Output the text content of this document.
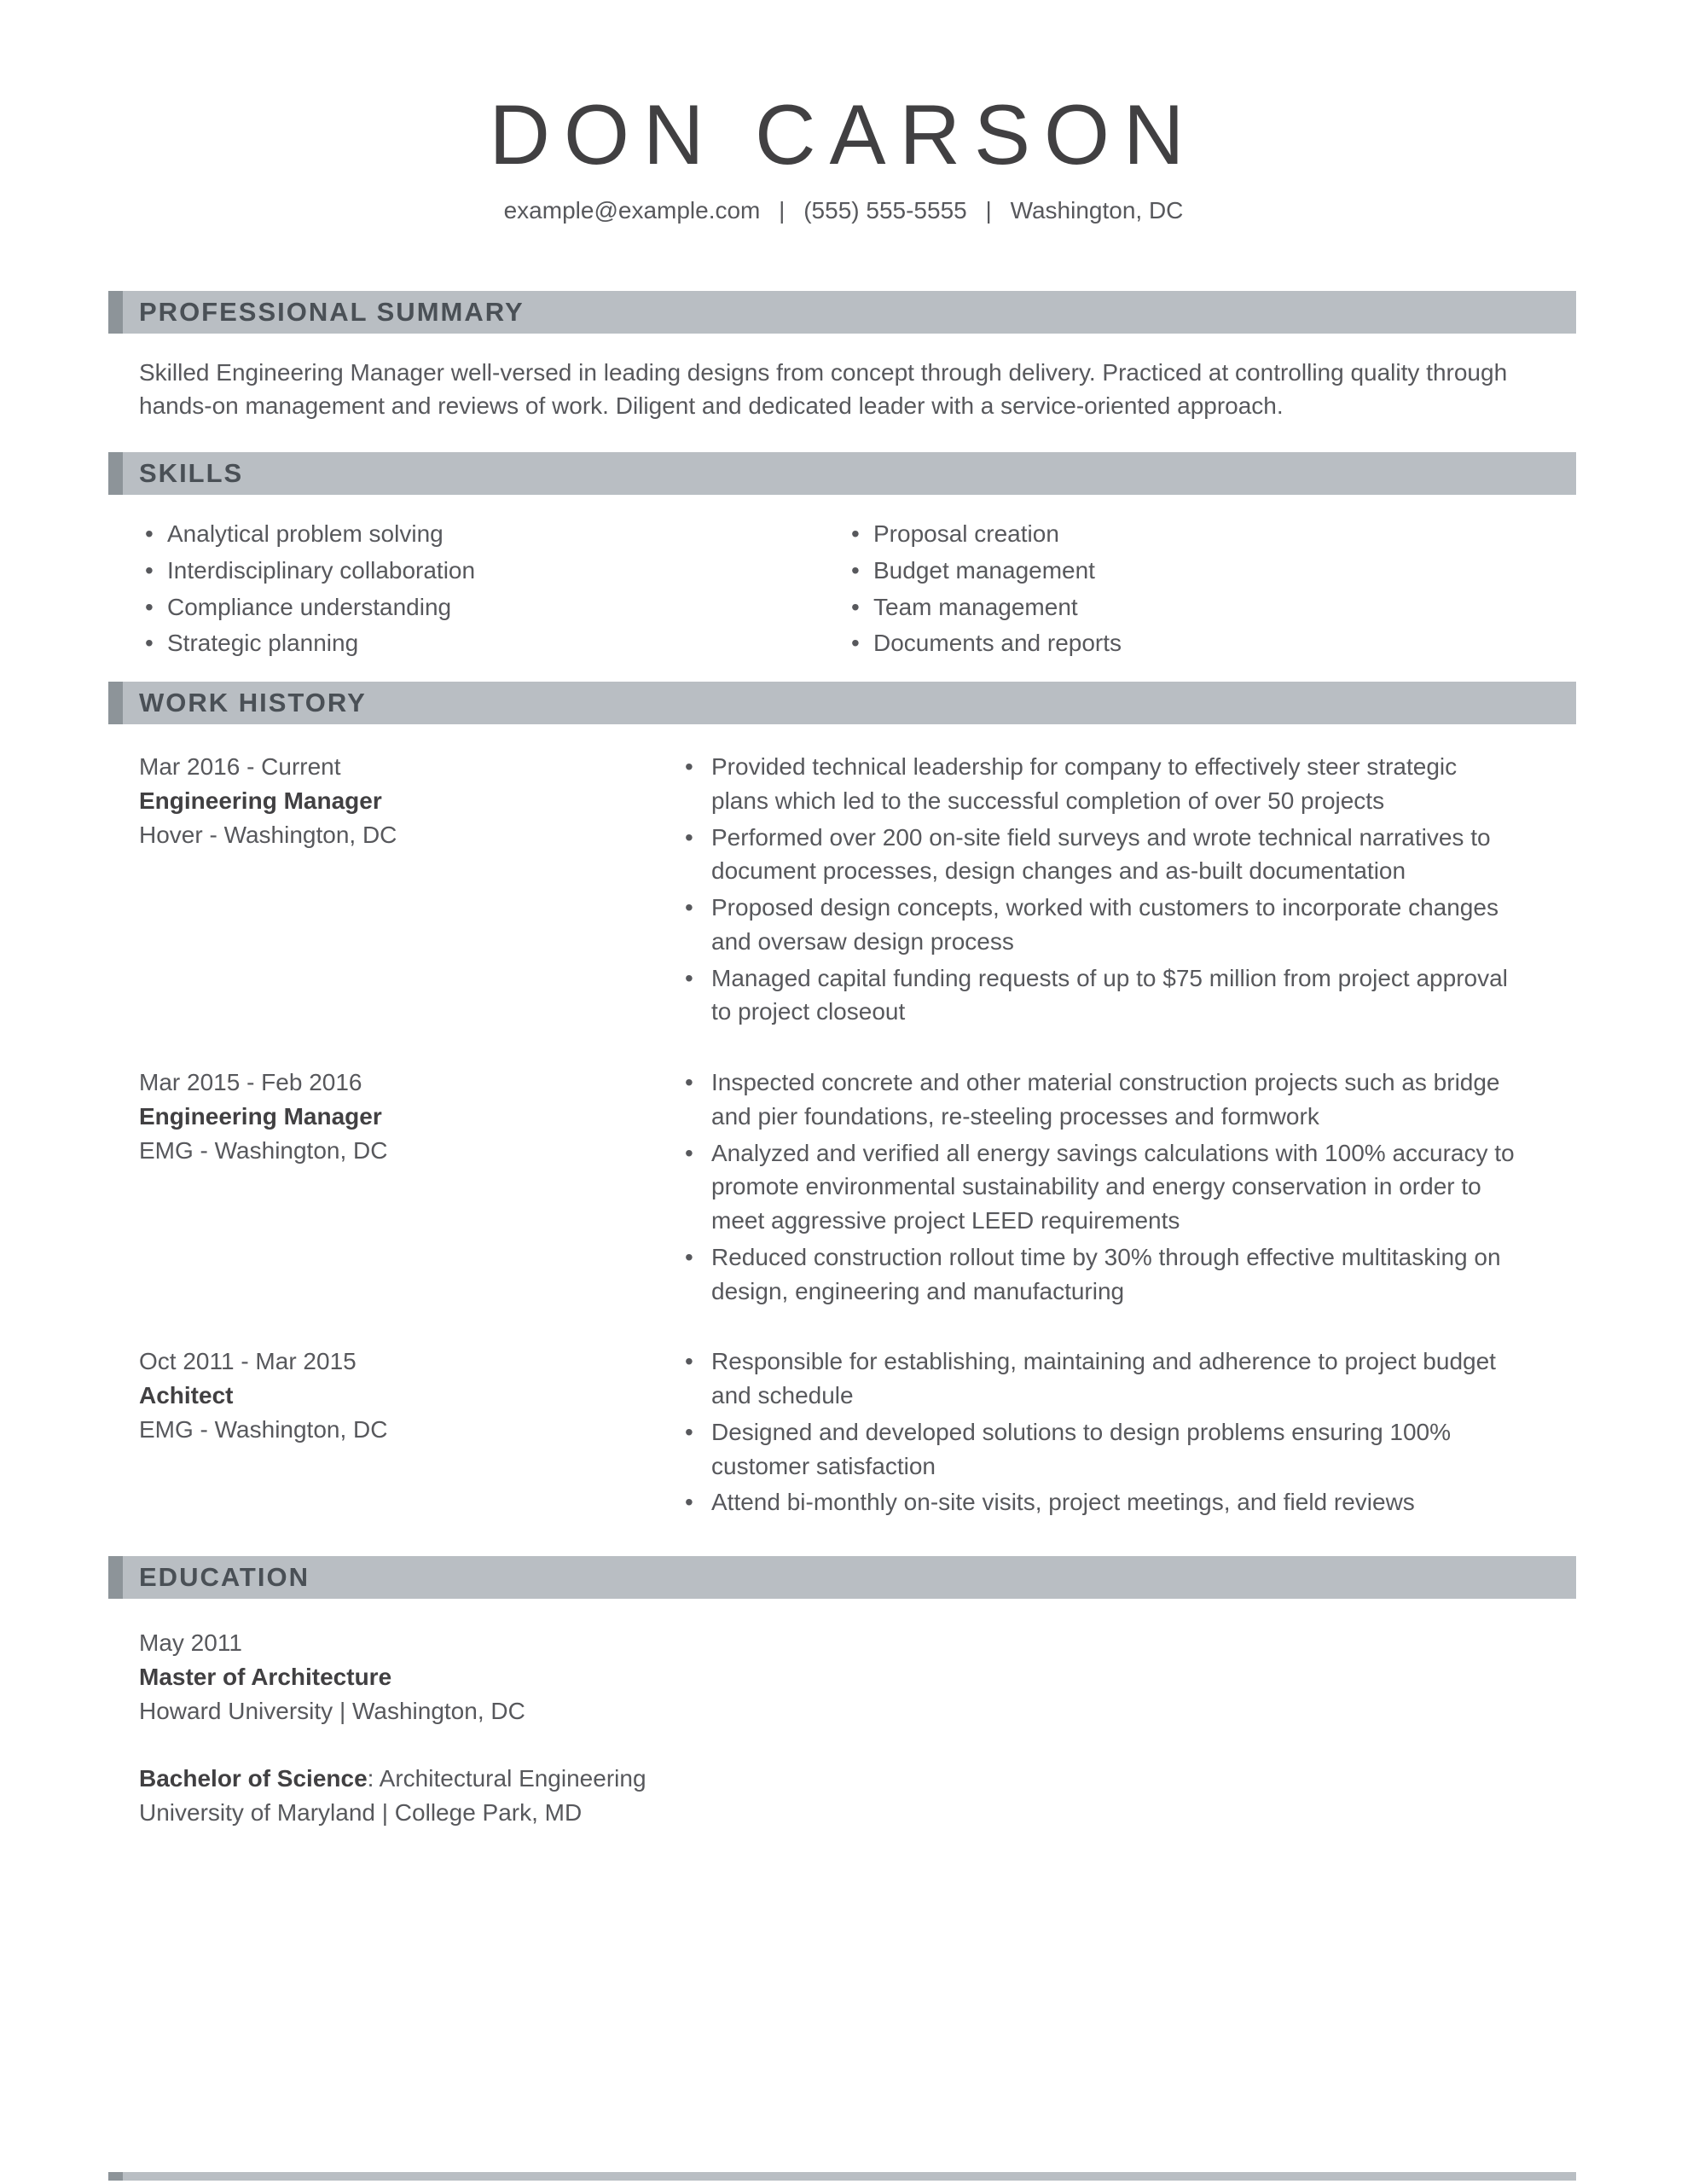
DON CARSON
example@example.com | (555) 555-5555 | Washington, DC
PROFESSIONAL SUMMARY

Skilled Engineering Manager well-versed in leading designs from concept through delivery. Practiced at controlling quality through hands-on management and reviews of work. Diligent and dedicated leader with a service-oriented approach.

SKILLS
• Analytical problem solving
• Interdisciplinary collaboration
• Compliance understanding
• Strategic planning
• Proposal creation
• Budget management
• Team management
• Documents and reports
WORK HISTORY
Mar 2016 - Current
Engineering Manager
Hover - Washington, DC
• Provided technical leadership for company to effectively steer strategic plans which led to the successful completion of over 50 projects
• Performed over 200 on-site field surveys and wrote technical narratives to document processes, design changes and as-built documentation
• Proposed design concepts, worked with customers to incorporate changes and oversaw design process
• Managed capital funding requests of up to $75 million from project approval to project closeout
Mar 2015 - Feb 2016
Engineering Manager
EMG - Washington, DC
• Inspected concrete and other material construction projects such as bridge and pier foundations, re-steeling processes and formwork
• Analyzed and verified all energy savings calculations with 100% accuracy to promote environmental sustainability and energy conservation in order to meet aggressive project LEED requirements
• Reduced construction rollout time by 30% through effective multitasking on design, engineering and manufacturing
Oct 2011 - Mar 2015
Achitect
EMG - Washington, DC
• Responsible for establishing, maintaining and adherence to project budget and schedule
• Designed and developed solutions to design problems ensuring 100% customer satisfaction
• Attend bi-monthly on-site visits, project meetings, and field reviews
EDUCATION
May 2011
Master of Architecture
Howard University | Washington, DC
Bachelor of Science: Architectural Engineering
University of Maryland | College Park, MD
